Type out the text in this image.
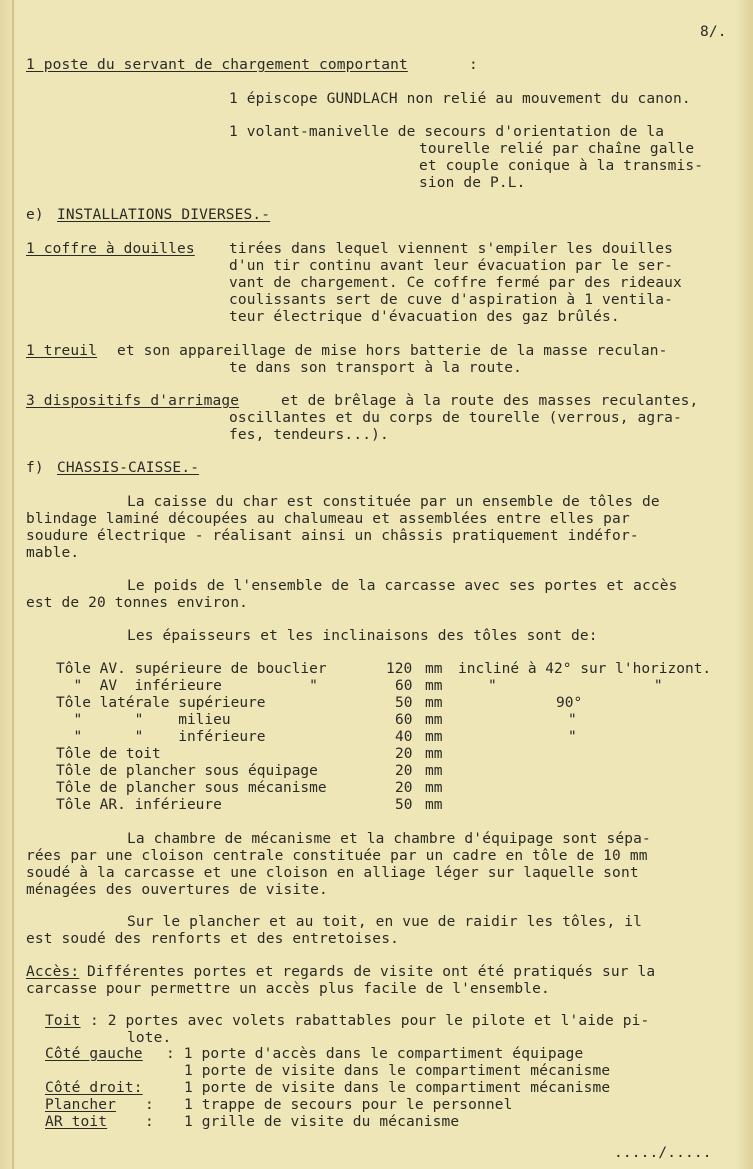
8/.
1 poste du servant de chargement comportant	:
1 épiscope GUNDLACH non relié au mouvement du canon.
1 volant-manivelle de secours d'orientation de la
tourelle relié par chaîne galle
et couple conique à la transmis-
sion de P.L.
e) INSTALLATIONS DIVERSES.-
1 coffre à douilles tirées dans lequel viennent s'empiler les douilles
d'un tir continu avant leur évacuation par le ser-
vant de chargement. Ce coffre fermé par des rideaux
coulissants sert de cuve d'aspiration à 1 ventila-
teur électrique d'évacuation des gaz brûlés.
1 treuil et son appareillage de mise hors batterie de la masse reculan-
te dans son transport à la route.
3 dispositifs d'arrimage	et de brêlage à la route des masses reculantes,
oscillantes et du corps de tourelle (verrous, agra-
fes, tendeurs...).
f) CHASSIS-CAISSE.-
La caisse du char est constituée par un ensemble de tôles de
blindage laminé découpées au chalumeau et assemblées entre elles par
soudure électrique - réalisant ainsi un châssis pratiquement indéfor-
mable.
Le poids de l'ensemble de la carcasse avec ses portes et accès
est de 20 tonnes environ.
Les épaisseurs et les inclinaisons des tôles sont de:
Tôle AV. supérieure de bouclier	120 mm incliné à 42° sur l'horizont.
"  AV  inférieure          "	60 mm	"                  "
Tôle latérale supérieure	50 mm	90°
"      "    milieu	60 mm	"
"      "    inférieure	40 mm	"
Tôle de toit	20 mm
Tôle de plancher sous équipage	20 mm
Tôle de plancher sous mécanisme	20 mm
Tôle AR. inférieure	50 mm
La chambre de mécanisme et la chambre d'équipage sont sépa-
rées par une cloison centrale constituée par un cadre en tôle de 10 mm
soudé à la carcasse et une cloison en alliage léger sur laquelle sont
ménagées des ouvertures de visite.
Sur le plancher et au toit, en vue de raidir les tôles, il
est soudé des renforts et des entretoises.
Accès: Différentes portes et regards de visite ont été pratiqués sur la
carcasse pour permettre un accès plus facile de l'ensemble.
Toit : 2 portes avec volets rabattables pour le pilote et l'aide pi-
lote.
Côté gauche : 1 porte d'accès dans le compartiment équipage
1 porte de visite dans le compartiment mécanisme
Côté droit:	1 porte de visite dans le compartiment mécanisme
Plancher : 1 trappe de secours pour le personnel
AR toit	: 1 grille de visite du mécanisme
...../.....
